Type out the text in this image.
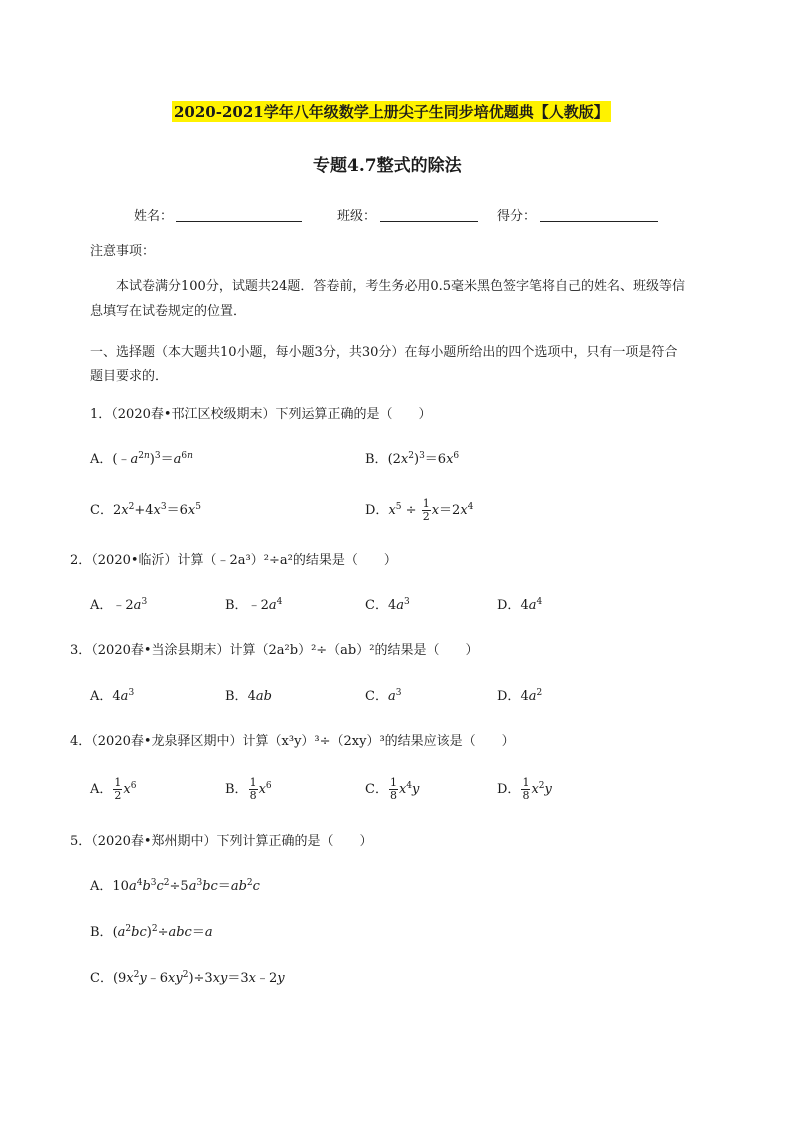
2020-2021学年八年级数学上册尖子生同步培优题典【人教版】
专题4.7整式的除法
姓名：	班级：	得分：
注意事项：
本试卷满分100分，试题共24题．答卷前，考生务必用0.5毫米黑色签字笔将自己的姓名、班级等信
息填写在试卷规定的位置．
一、选择题（本大题共10小题，每小题3分，共30分）在每小题所给出的四个选项中，只有一项是符合
题目要求的．
1．（2020春•邗江区校级期末）下列运算正确的是（　　）
A．$(﹣a^{2n})^3=a^{6n}$	B．$(2x^2)^3=6x^6$
C．$2x^2+4x^3=6x^5$	D．$x^5 \div \frac{1}{2} x=2x^4$
2．（2020•临沂）计算（﹣2a³）²÷a²的结果是（　　）
A．$﹣2a^3$	B．$﹣2a^4$	C．$4a^3$	D．$4a^4$
3．（2020春•当涂县期末）计算（2a²b）²÷（ab）²的结果是（　　）
A．$4a^3$	B．4ab	C．$a^3$	D．$4a^2$
4．（2020春•龙泉驿区期中）计算（x³y）³÷（2xy）³的结果应该是（　　）
A． $\frac{1}{2} x^6$	B． $\frac{1}{8} x^6$	C． $\frac{1}{8} x^4y$	D． $\frac{1}{8} x^2y$
5．（2020春•郑州期中）下列计算正确的是（　　）
A．$10a^4b^3c^2\div 5a^3bc=ab^2c$
B．$(a^2bc)^2\div abc=a$
C．$(9x^2y﹣6xy^2)\div 3xy=3x﹣2y$
